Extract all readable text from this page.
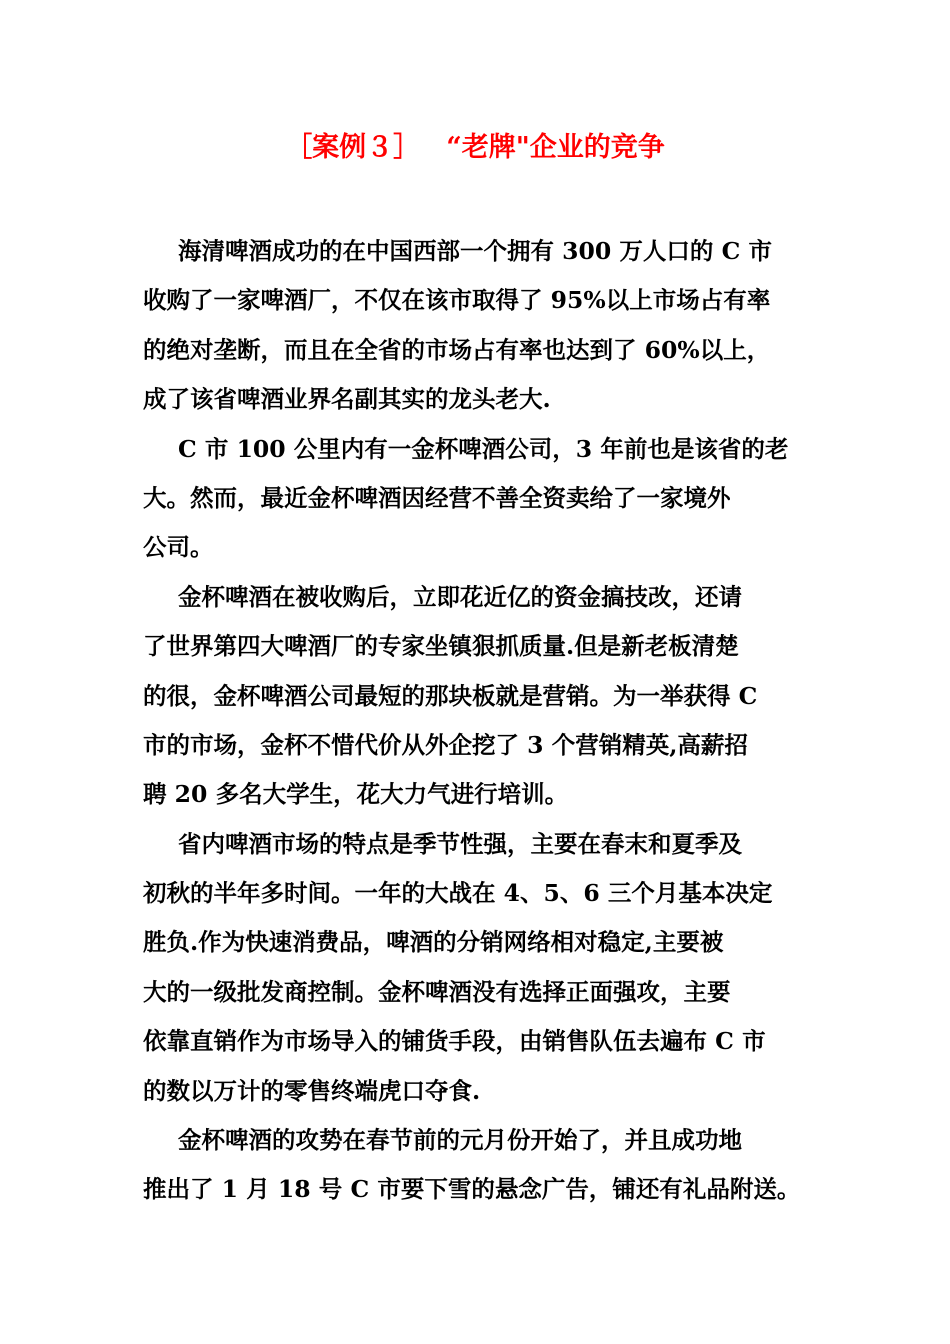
［案例３］ “老牌"企业的竞争
海清啤酒成功的在中国西部一个拥有 300 万人口的 C 市
收购了一家啤酒厂，不仅在该市取得了 95%以上市场占有率
的绝对垄断，而且在全省的市场占有率也达到了 60%以上，
成了该省啤酒业界名副其实的龙头老大.
C 市 100 公里内有一金杯啤酒公司，3 年前也是该省的老
大。然而，最近金杯啤酒因经营不善全资卖给了一家境外
公司。
金杯啤酒在被收购后，立即花近亿的资金搞技改，还请
了世界第四大啤酒厂的专家坐镇狠抓质量.但是新老板清楚
的很，金杯啤酒公司最短的那块板就是营销。为一举获得 C
市的市场，金杯不惜代价从外企挖了 3 个营销精英,高薪招
聘 20 多名大学生，花大力气进行培训。
省内啤酒市场的特点是季节性强，主要在春末和夏季及
初秋的半年多时间。一年的大战在 4、5、6 三个月基本决定
胜负.作为快速消费品，啤酒的分销网络相对稳定,主要被
大的一级批发商控制。金杯啤酒没有选择正面强攻，主要
依靠直销作为市场导入的铺货手段，由销售队伍去遍布 C 市
的数以万计的零售终端虎口夺食.
金杯啤酒的攻势在春节前的元月份开始了，并且成功地
推出了 1 月 18 号 C 市要下雪的悬念广告，铺还有礼品附送。
